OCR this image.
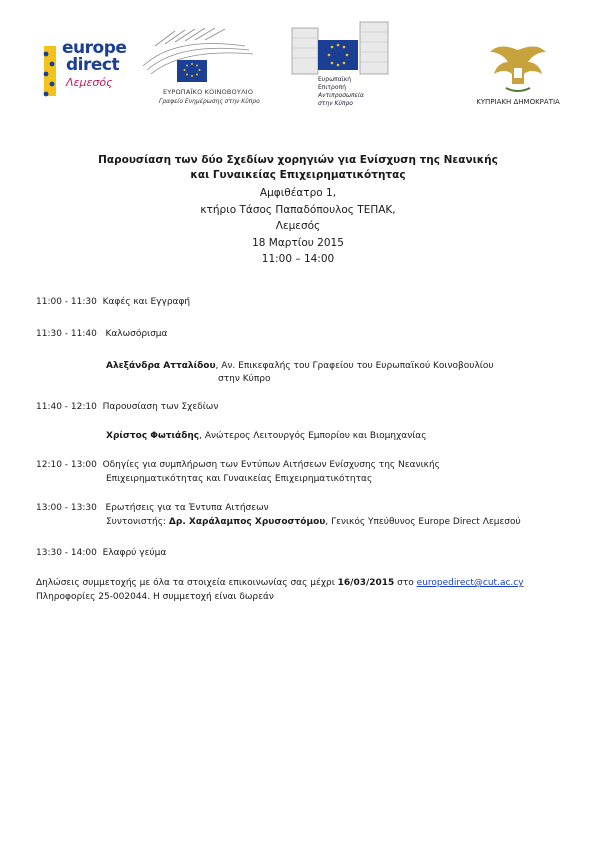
europe
direct
Λεμεσός
ΕΥΡΩΠΑΪΚΟ ΚΟΙΝΟΒΟΥΛΙΟ
Γραφείο Ενημέρωσης στην Κύπρο
Ευρωπαϊκή
Επιτροπή
Αντιπροσωπεία
στην Κύπρο	ΚΥΠΡΙΑΚΗ ΔΗΜΟΚΡΑΤΙΑ
Παρουσίαση των δύο Σχεδίων χορηγιών για Ενίσχυση της Νεανικής
και Γυναικείας Επιχειρηματικότητας
Αμφιθέατρο 1,
κτήριο Τάσος Παπαδόπουλος ΤΕΠΑΚ,
Λεμεσός
18 Μαρτίου 2015
11:00 – 14:00
11:00 - 11:30 Καφές και Εγγραφή
11:30 - 11:40 Καλωσόρισμα
Αλεξάνδρα Ατταλίδου, Αν. Επικεφαλής του Γραφείου του Ευρωπαϊκού Κοινοβουλίου
στην Κύπρο
11:40 - 12:10 Παρουσίαση των Σχεδίων
Χρίστος Φωτιάδης, Ανώτερος Λειτουργός Εμπορίου και Βιομηχανίας
12:10 - 13:00 Οδηγίες για συμπλήρωση των Εντύπων Αιτήσεων Ενίσχυσης της Νεανικής
Επιχειρηματικότητας και Γυναικείας Επιχειρηματικότητας
13:00 - 13:30 Ερωτήσεις για τα Έντυπα Αιτήσεων
Συντονιστής: Δρ. Χαράλαμπος Χρυσοστόμου, Γενικός Υπεύθυνος Europe Direct Λεμεσού
13:30 - 14:00 Ελαφρύ γεύμα
Δηλώσεις συμμετοχής με όλα τα στοιχεία επικοινωνίας σας μέχρι 16/03/2015 στο europedirect@cut.ac.cy
Πληροφορίες 25-002044. Η συμμετοχή είναι δωρεάν
